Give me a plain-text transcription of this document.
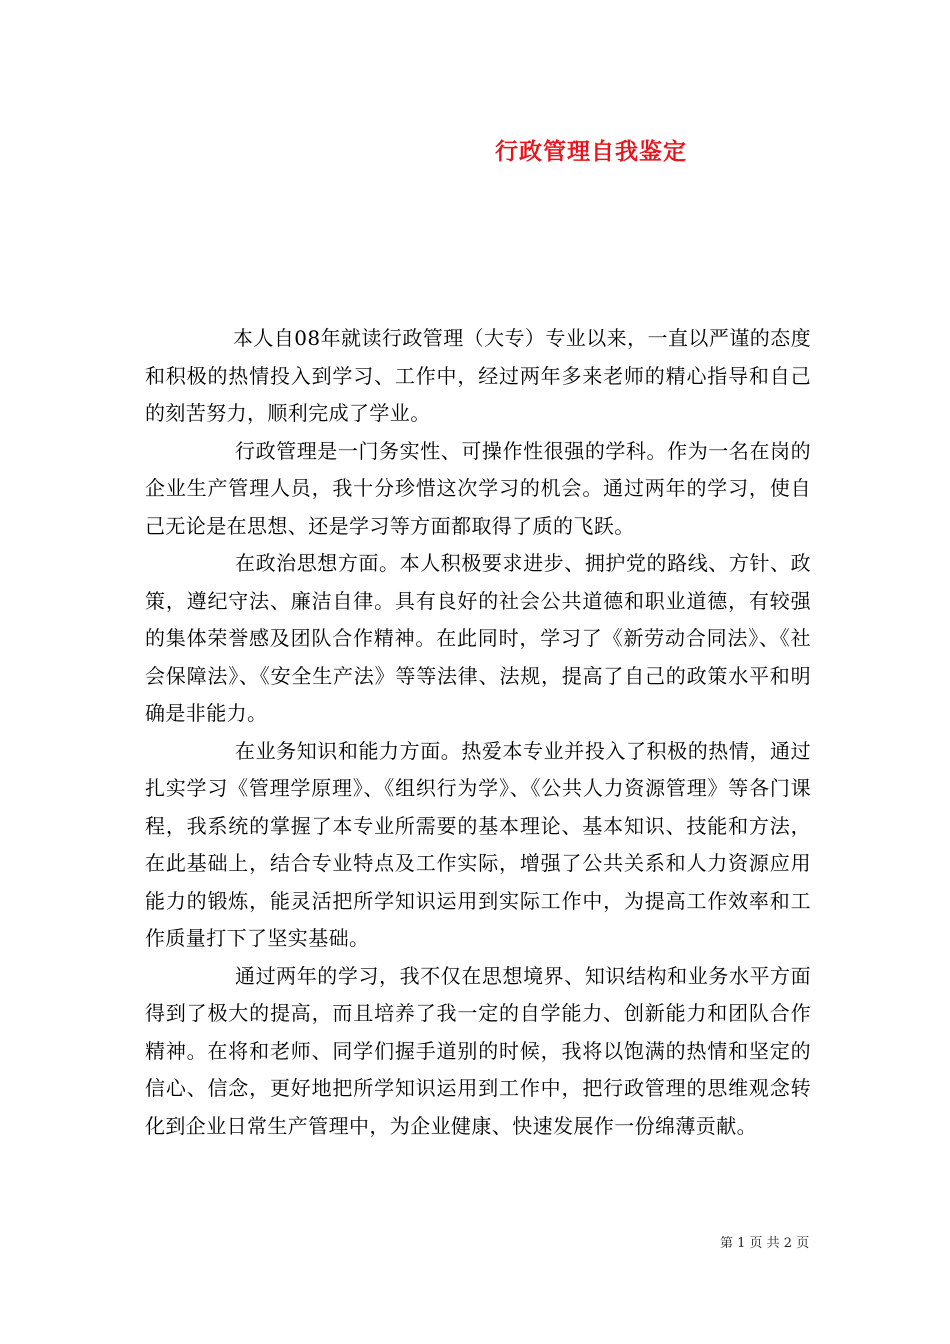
行政管理自我鉴定

本人自08年就读行政管理（大专）专业以来，一直以严谨的态度和积极的热情投入到学习、工作中，经过两年多来老师的精心指导和自己的刻苦努力，顺利完成了学业。

行政管理是一门务实性、可操作性很强的学科。作为一名在岗的企业生产管理人员，我十分珍惜这次学习的机会。通过两年的学习，使自己无论是在思想、还是学习等方面都取得了质的飞跃。

在政治思想方面。本人积极要求进步、拥护党的路线、方针、政策，遵纪守法、廉洁自律。具有良好的社会公共道德和职业道德，有较强的集体荣誉感及团队合作精神。在此同时，学习了《新劳动合同法》、《社会保障法》、《安全生产法》等等法律、法规，提高了自己的政策水平和明确是非能力。

在业务知识和能力方面。热爱本专业并投入了积极的热情，通过扎实学习《管理学原理》、《组织行为学》、《公共人力资源管理》等各门课程，我系统的掌握了本专业所需要的基本理论、基本知识、技能和方法，在此基础上，结合专业特点及工作实际，增强了公共关系和人力资源应用能力的锻炼，能灵活把所学知识运用到实际工作中，为提高工作效率和工作质量打下了坚实基础。

通过两年的学习，我不仅在思想境界、知识结构和业务水平方面得到了极大的提高，而且培养了我一定的自学能力、创新能力和团队合作精神。在将和老师、同学们握手道别的时候，我将以饱满的热情和坚定的信心、信念，更好地把所学知识运用到工作中，把行政管理的思维观念转化到企业日常生产管理中，为企业健康、快速发展作一份绵薄贡献。

第 1 页 共 2 页
